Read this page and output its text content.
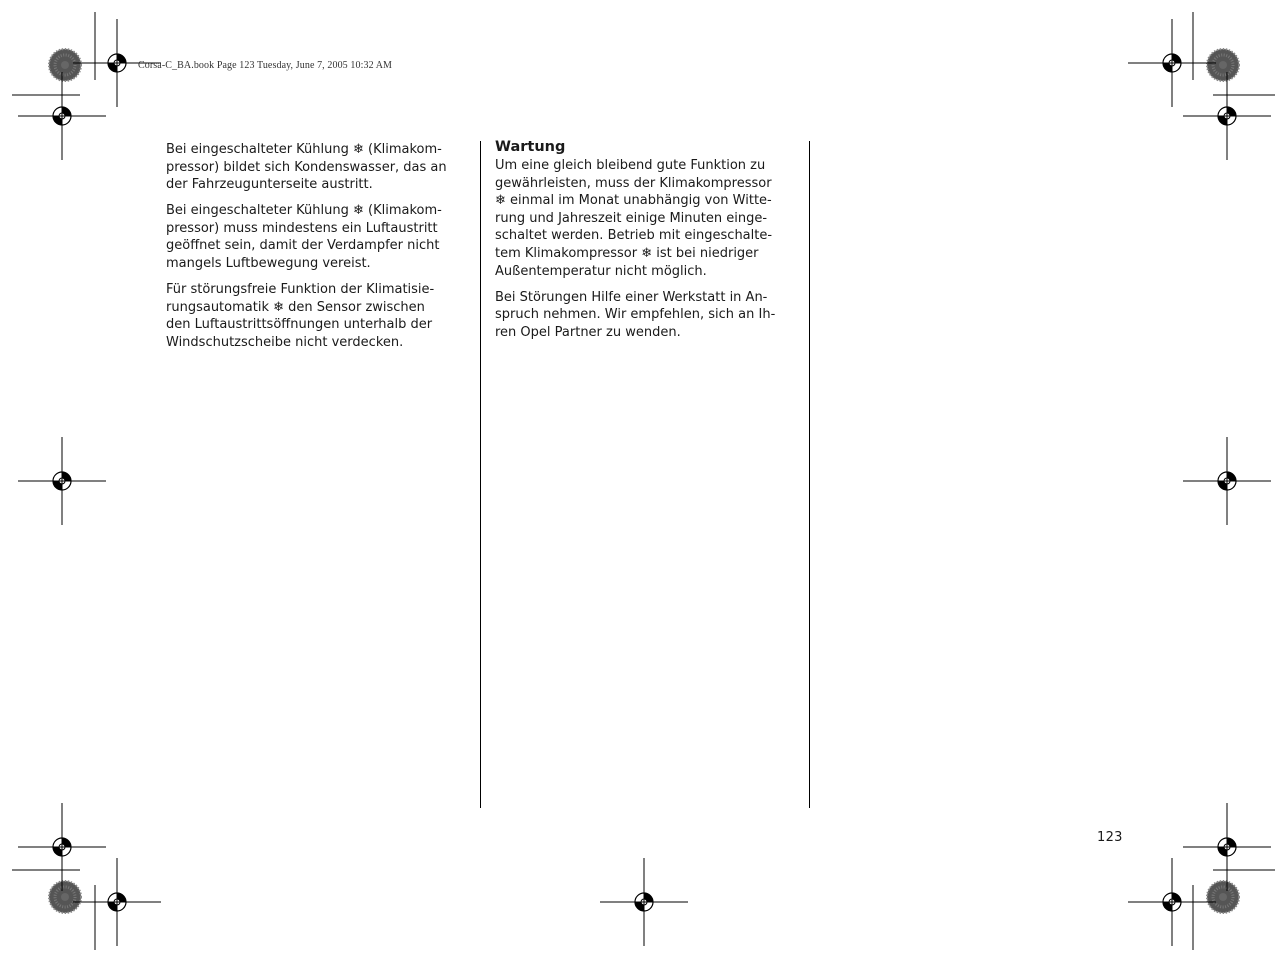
Corsa-C_BA.book Page 123 Tuesday, June 7, 2005 10:32 AM

Bei eingeschalteter Kühlung ❄ (Klimakom-
pressor) bildet sich Kondenswasser, das an
der Fahrzeugunterseite austritt.

Bei eingeschalteter Kühlung ❄ (Klimakom-
pressor) muss mindestens ein Luftaustritt
geöffnet sein, damit der Verdampfer nicht
mangels Luftbewegung vereist.

Für störungsfreie Funktion der Klimatisie-
rungsautomatik ❄ den Sensor zwischen
den Luftaustrittsöffnungen unterhalb der
Windschutzscheibe nicht verdecken.

Wartung

Um eine gleich bleibend gute Funktion zu
gewährleisten, muss der Klimakompressor
❄ einmal im Monat unabhängig von Witte-
rung und Jahreszeit einige Minuten einge-
schaltet werden. Betrieb mit eingeschalte-
tem Klimakompressor ❄ ist bei niedriger
Außentemperatur nicht möglich.

Bei Störungen Hilfe einer Werkstatt in An-
spruch nehmen. Wir empfehlen, sich an Ih-
ren Opel Partner zu wenden.

123
